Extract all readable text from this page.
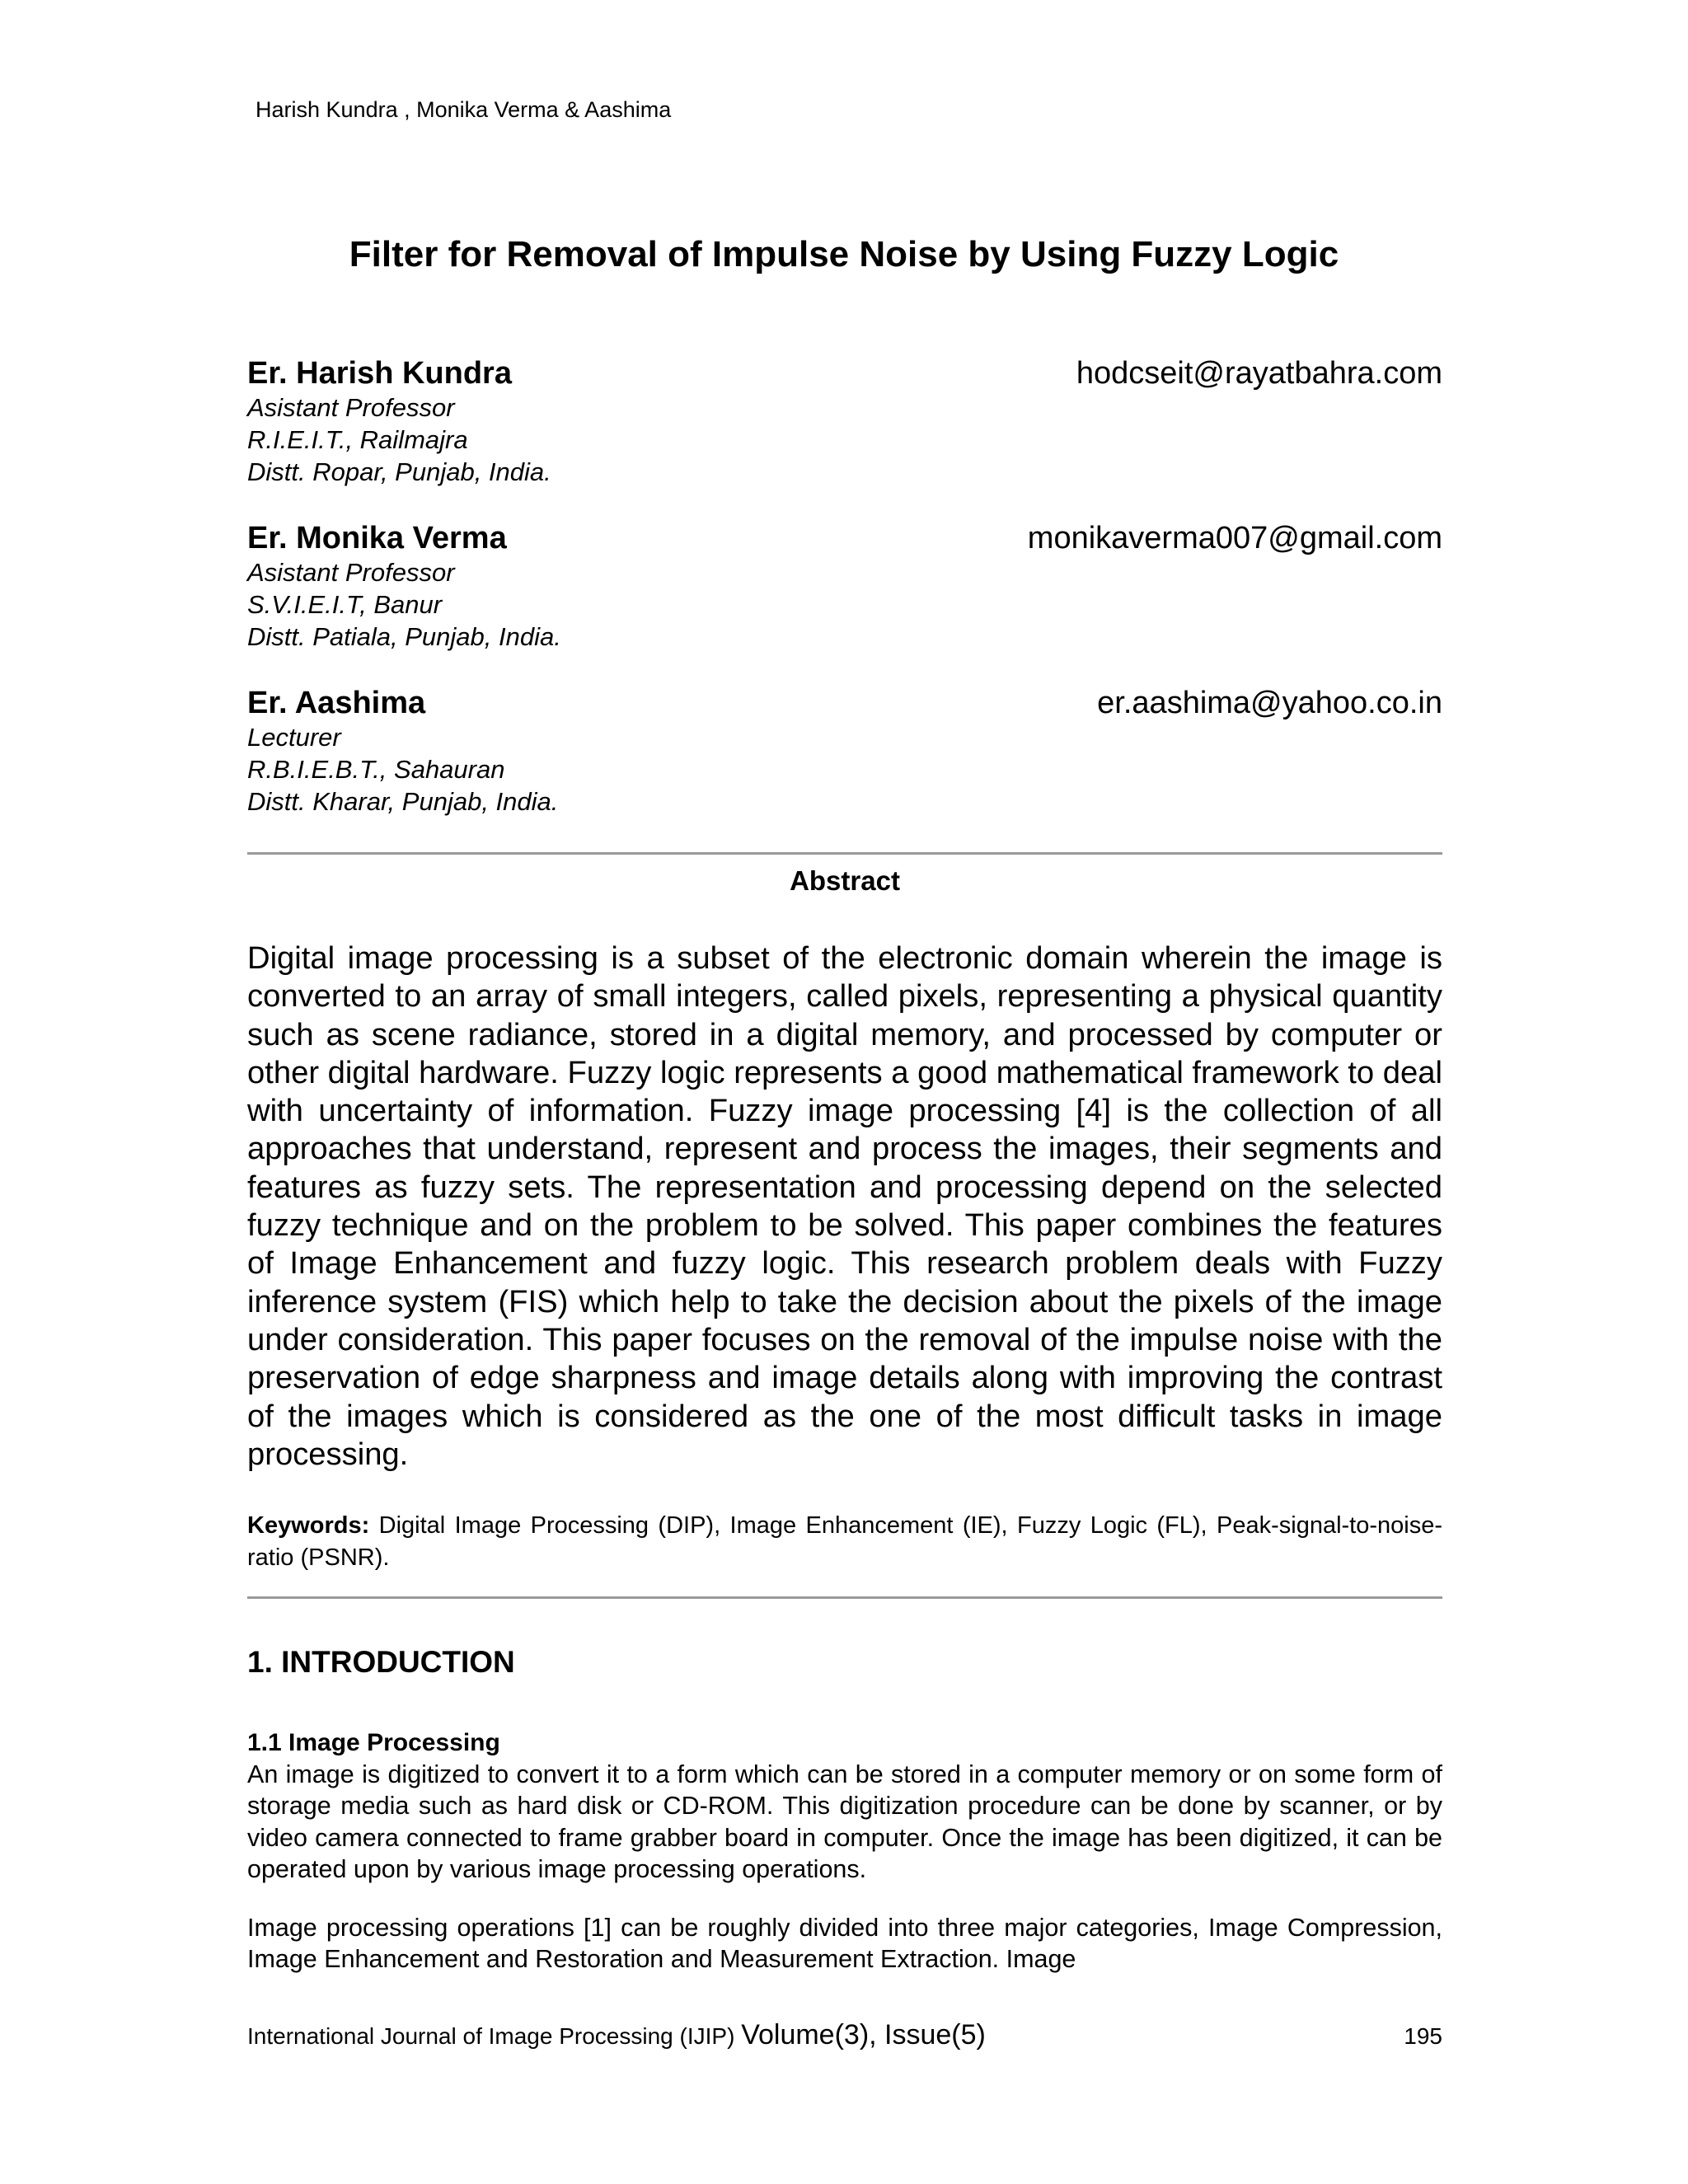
Harish Kundra , Monika Verma & Aashima
Filter for Removal of Impulse Noise by Using Fuzzy Logic
Er. Harish Kundra	hodcseit@rayatbahra.com
Asistant Professor
R.I.E.I.T., Railmajra
Distt. Ropar, Punjab, India.
Er. Monika Verma	monikaverma007@gmail.com
Asistant Professor
S.V.I.E.I.T, Banur
Distt. Patiala, Punjab, India.
Er. Aashima	er.aashima@yahoo.co.in
Lecturer
R.B.I.E.B.T., Sahauran
Distt. Kharar, Punjab, India.
Abstract
Digital image processing is a subset of the electronic domain wherein the image is converted to an array of small integers, called pixels, representing a physical quantity such as scene radiance, stored in a digital memory, and processed by computer or other digital hardware. Fuzzy logic represents a good mathematical framework to deal with uncertainty of information. Fuzzy image processing [4] is the collection of all approaches that understand, represent and process the images, their segments and features as fuzzy sets. The representation and processing depend on the selected fuzzy technique and on the problem to be solved. This paper combines the features of Image Enhancement and fuzzy logic. This research problem deals with Fuzzy inference system (FIS) which help to take the decision about the pixels of the image under consideration. This paper focuses on the removal of the impulse noise with the preservation of edge sharpness and image details along with improving the contrast of the images which is considered as the one of the most difficult tasks in image processing.
Keywords: Digital Image Processing (DIP), Image Enhancement (IE), Fuzzy Logic (FL), Peak-signal-to-noise-ratio (PSNR).
1. INTRODUCTION
1.1 Image Processing
An image is digitized to convert it to a form which can be stored in a computer memory or on some form of storage media such as hard disk or CD-ROM. This digitization procedure can be done by scanner, or by video camera connected to frame grabber board in computer. Once the image has been digitized, it can be operated upon by various image processing operations.
Image processing operations [1] can be roughly divided into three major categories, Image Compression, Image Enhancement and Restoration and Measurement Extraction. Image
International Journal of Image Processing (IJIP) Volume(3), Issue(5)	195
